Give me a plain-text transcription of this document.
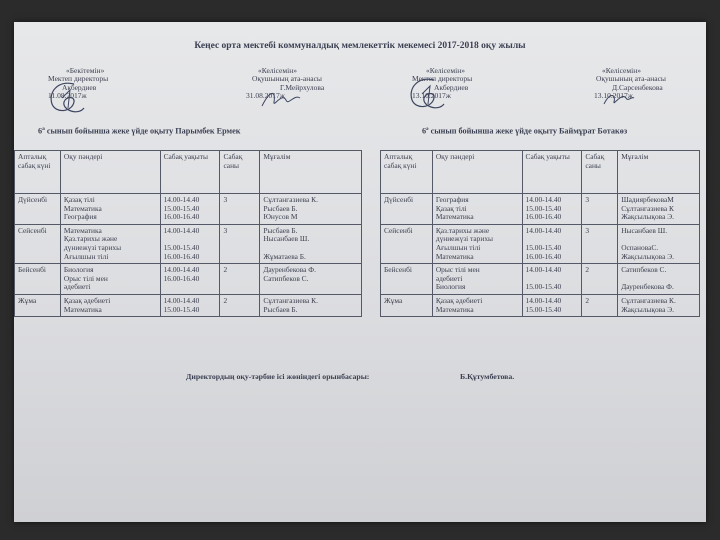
Кеңес орта мектебі коммуналдық мемлекеттік мекемесі 2017-2018 оқу жылы
«Бекітемін»
Мектеп директоры
Акбердиев
11.08.2017ж
«Келісемін»
Оқушының ата-анасы
Г.Мейрхулова
31.08.2017ж
«Келісемін»
Мектеп директоры
Акбердиев
13.10.2017ж
«Келісемін»
Оқушының ата-анасы
Д.Сарсенбекова
13.10.2017ж
$6^а$ сынып бойынша жеке үйде оқыту Парымбек Ермек	$6^ә$ сынып бойынша жеке үйде оқыту Баймұрат Ботакөз
Апталық сабақ күні	Оқу пәндері	Сабақ уақыты	Сабақ саны	Мұғалім
Дүйсенбі	Қазақ тілі
Математика
География	14.00-14.40
15.00-15.40
16.00-16.40	3	Сұлтангазиева К.
Рысбаев Б.
Юнусов М

Сейсенбі	Математика
Қаз.тарихы және
дүниежүзі тарихы
Ағылшын тілі	14.00-14.40

15.00-15.40
16.00-16.40	3	Рысбаев Б.
Нысанбаев Ш.

Жұматаева Б.

Бейсенбі	Биология
Орыс тілі мен
әдебиеті	14.00-14.40
16.00-16.40	2	Дауренбекова Ф.
Сатипбеков С.

Жұма	Қазақ әдебиеті
Математика	14.00-14.40
15.00-15.40	2	Сұлтангазиева К.
Рысбаев Б.
Апталық сабақ күні	Оқу пәндері	Сабақ уақыты	Сабақ саны	Мұғалім
Дүйсенбі	География
Қазақ тілі
Математика	14.00-14.40
15.00-15.40
16.00-16.40	3	ШадиярбековаМ
Сұлтангазиева К
Жақсылықова Э.

Сейсенбі	Қаз.тарихы және
дүниежүзі тарихы
Ағылшын тілі
Математика	14.00-14.40

15.00-15.40
16.00-16.40	3	Нысанбаев Ш.

ОспановаС.
Жақсылықова Э.

Бейсенбі	Орыс тілі мен
әдебиеті
Биология	14.00-14.40

15.00-15.40	2	Сатипбеков С.

Дауренбекова Ф.

Жұма	Қазақ әдебиеті
Математика	14.00-14.40
15.00-15.40	2	Сұлтангазиева К.
Жақсылықова Э.
Директордың оқу-тәрбие ісі жөніндегі орынбасары:	Б.Құтумбетова.
